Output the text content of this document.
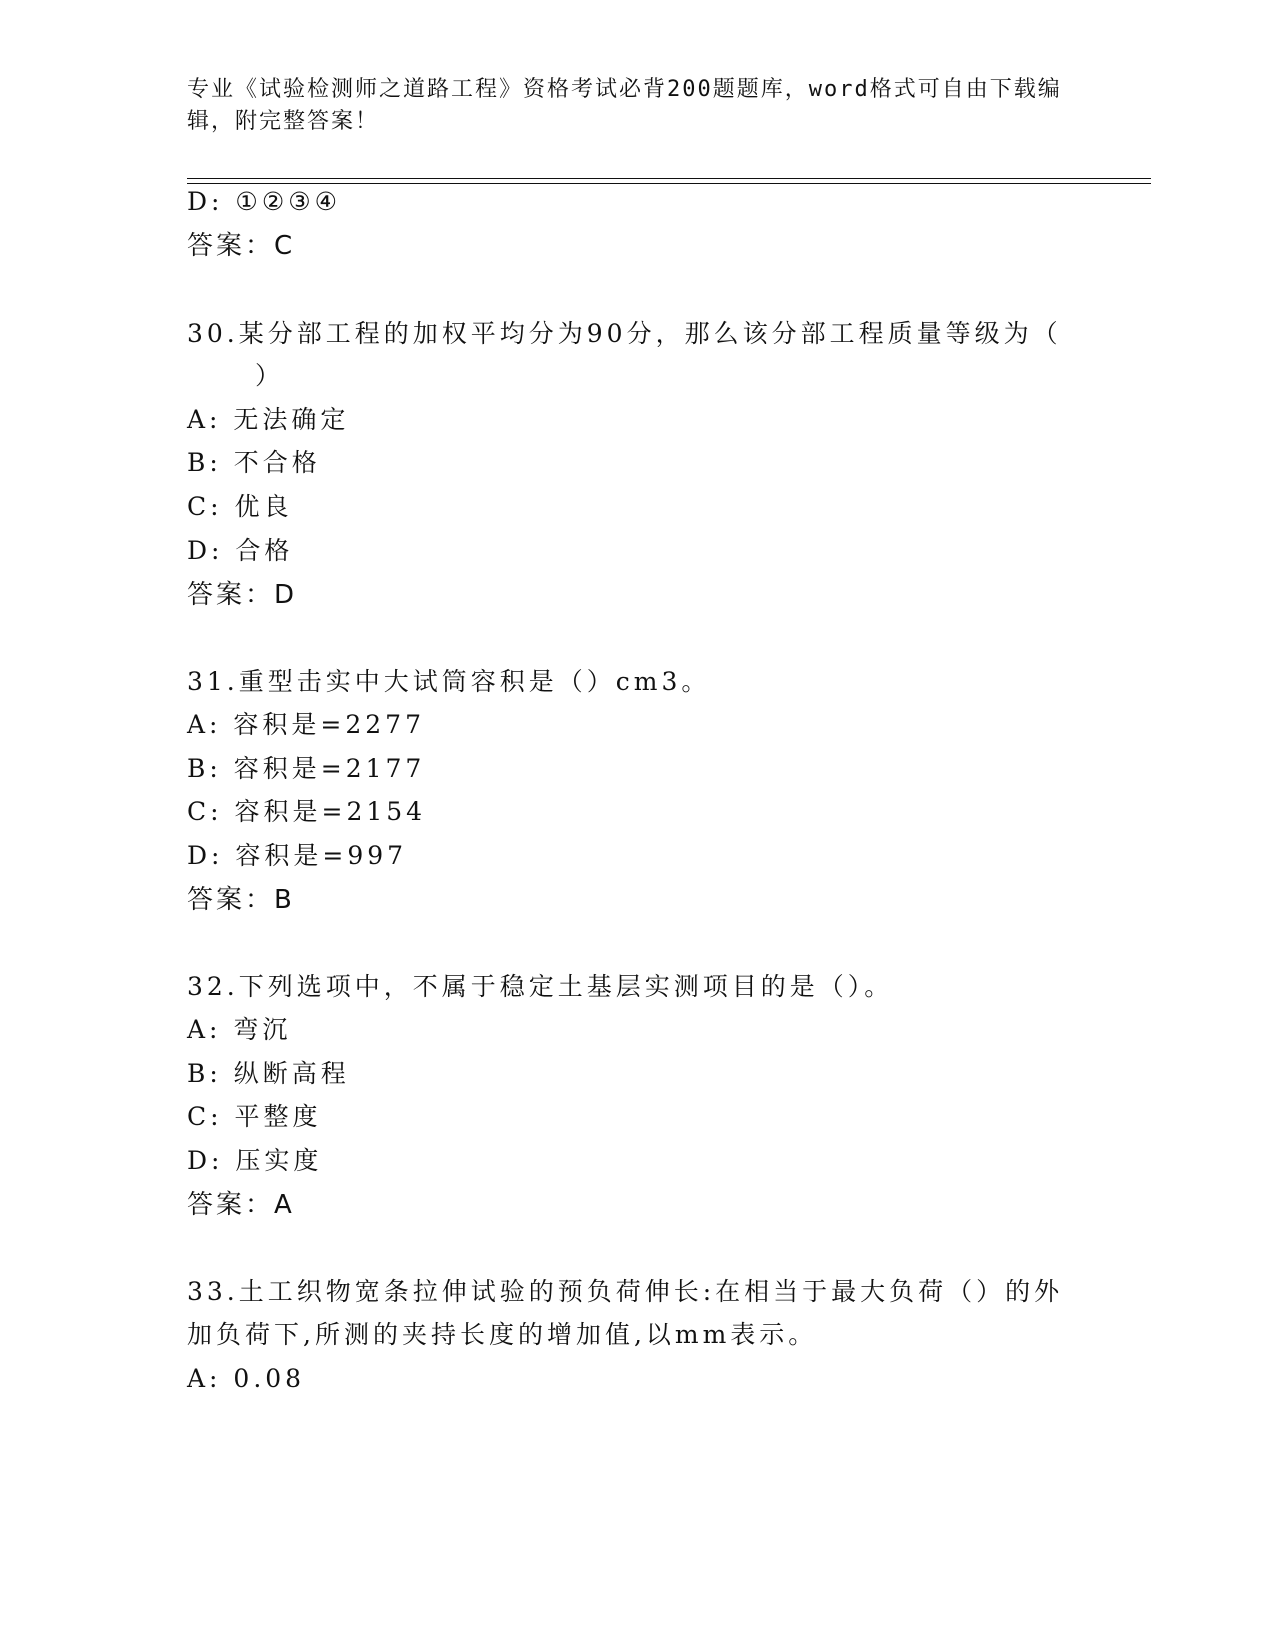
专业《试验检测师之道路工程》资格考试必背200题题库，word格式可自由下载编辑，附完整答案！
D: ①②③④
答案：C
30.某分部工程的加权平均分为90分，那么该分部工程质量等级为（
）
A: 无法确定
B: 不合格
C: 优良
D: 合格
答案：D
31.重型击实中大试筒容积是（）cm3。
A: 容积是=2277
B: 容积是=2177
C: 容积是=2154
D: 容积是=997
答案：B
32.下列选项中，不属于稳定土基层实测项目的是（）。
A: 弯沉
B: 纵断高程
C: 平整度
D: 压实度
答案：A
33.土工织物宽条拉伸试验的预负荷伸长:在相当于最大负荷（）的外
加负荷下,所测的夹持长度的增加值,以mm表示。
A: 0.08
